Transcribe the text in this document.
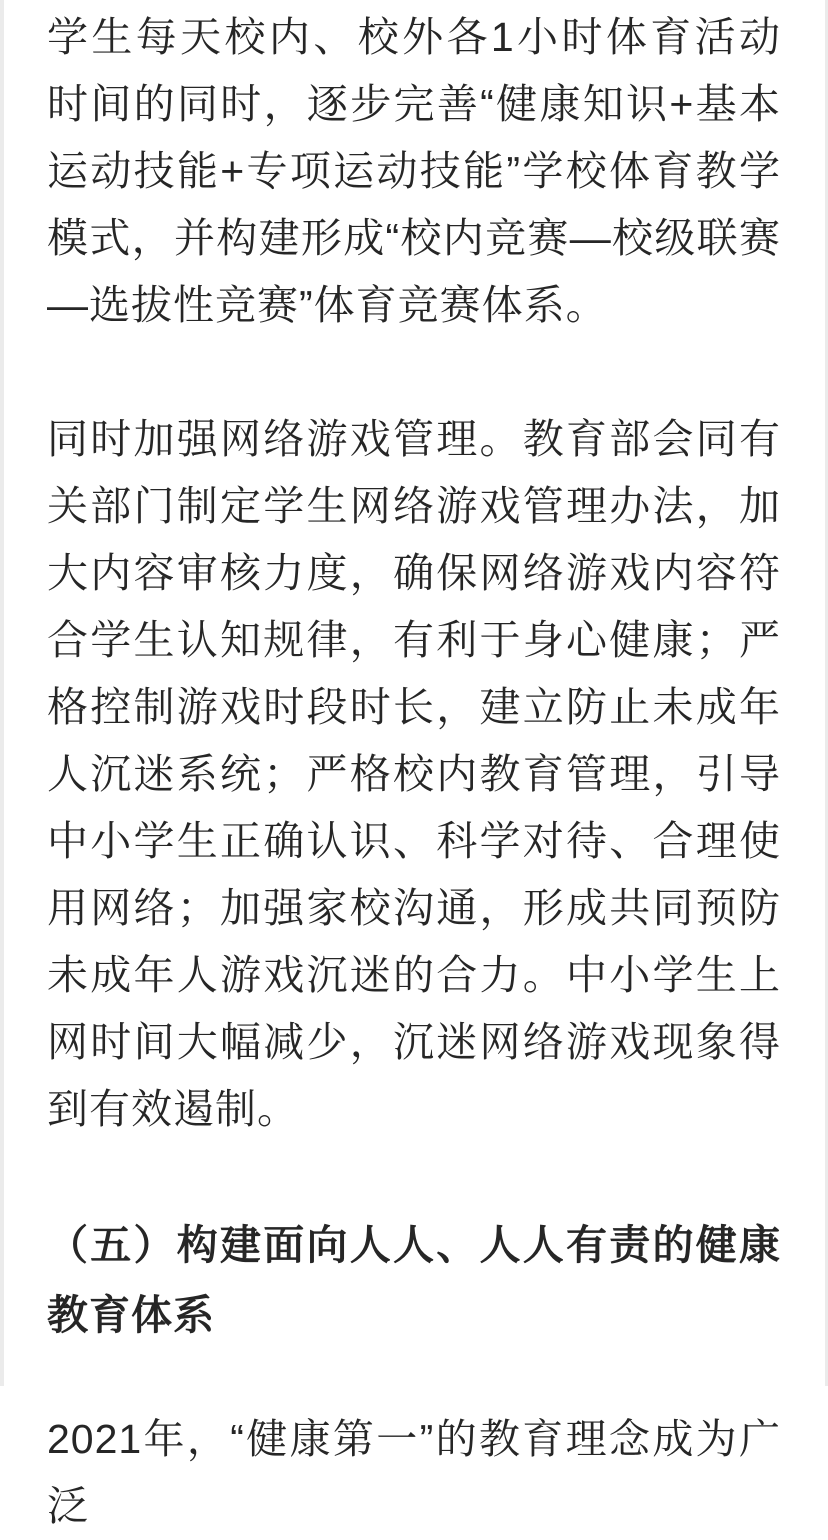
学生每天校内、校外各1小时体育活动时间的同时，逐步完善“健康知识+基本运动技能+专项运动技能”学校体育教学模式，并构建形成“校内竞赛—校级联赛—选拔性竞赛”体育竞赛体系。

同时加强网络游戏管理。教育部会同有关部门制定学生网络游戏管理办法，加大内容审核力度，确保网络游戏内容符合学生认知规律，有利于身心健康；严格控制游戏时段时长，建立防止未成年人沉迷系统；严格校内教育管理，引导中小学生正确认识、科学对待、合理使用网络；加强家校沟通，形成共同预防未成年人游戏沉迷的合力。中小学生上网时间大幅减少，沉迷网络游戏现象得到有效遏制。

（五）构建面向人人、人人有责的健康教育体系

2021年，“健康第一”的教育理念成为广泛
